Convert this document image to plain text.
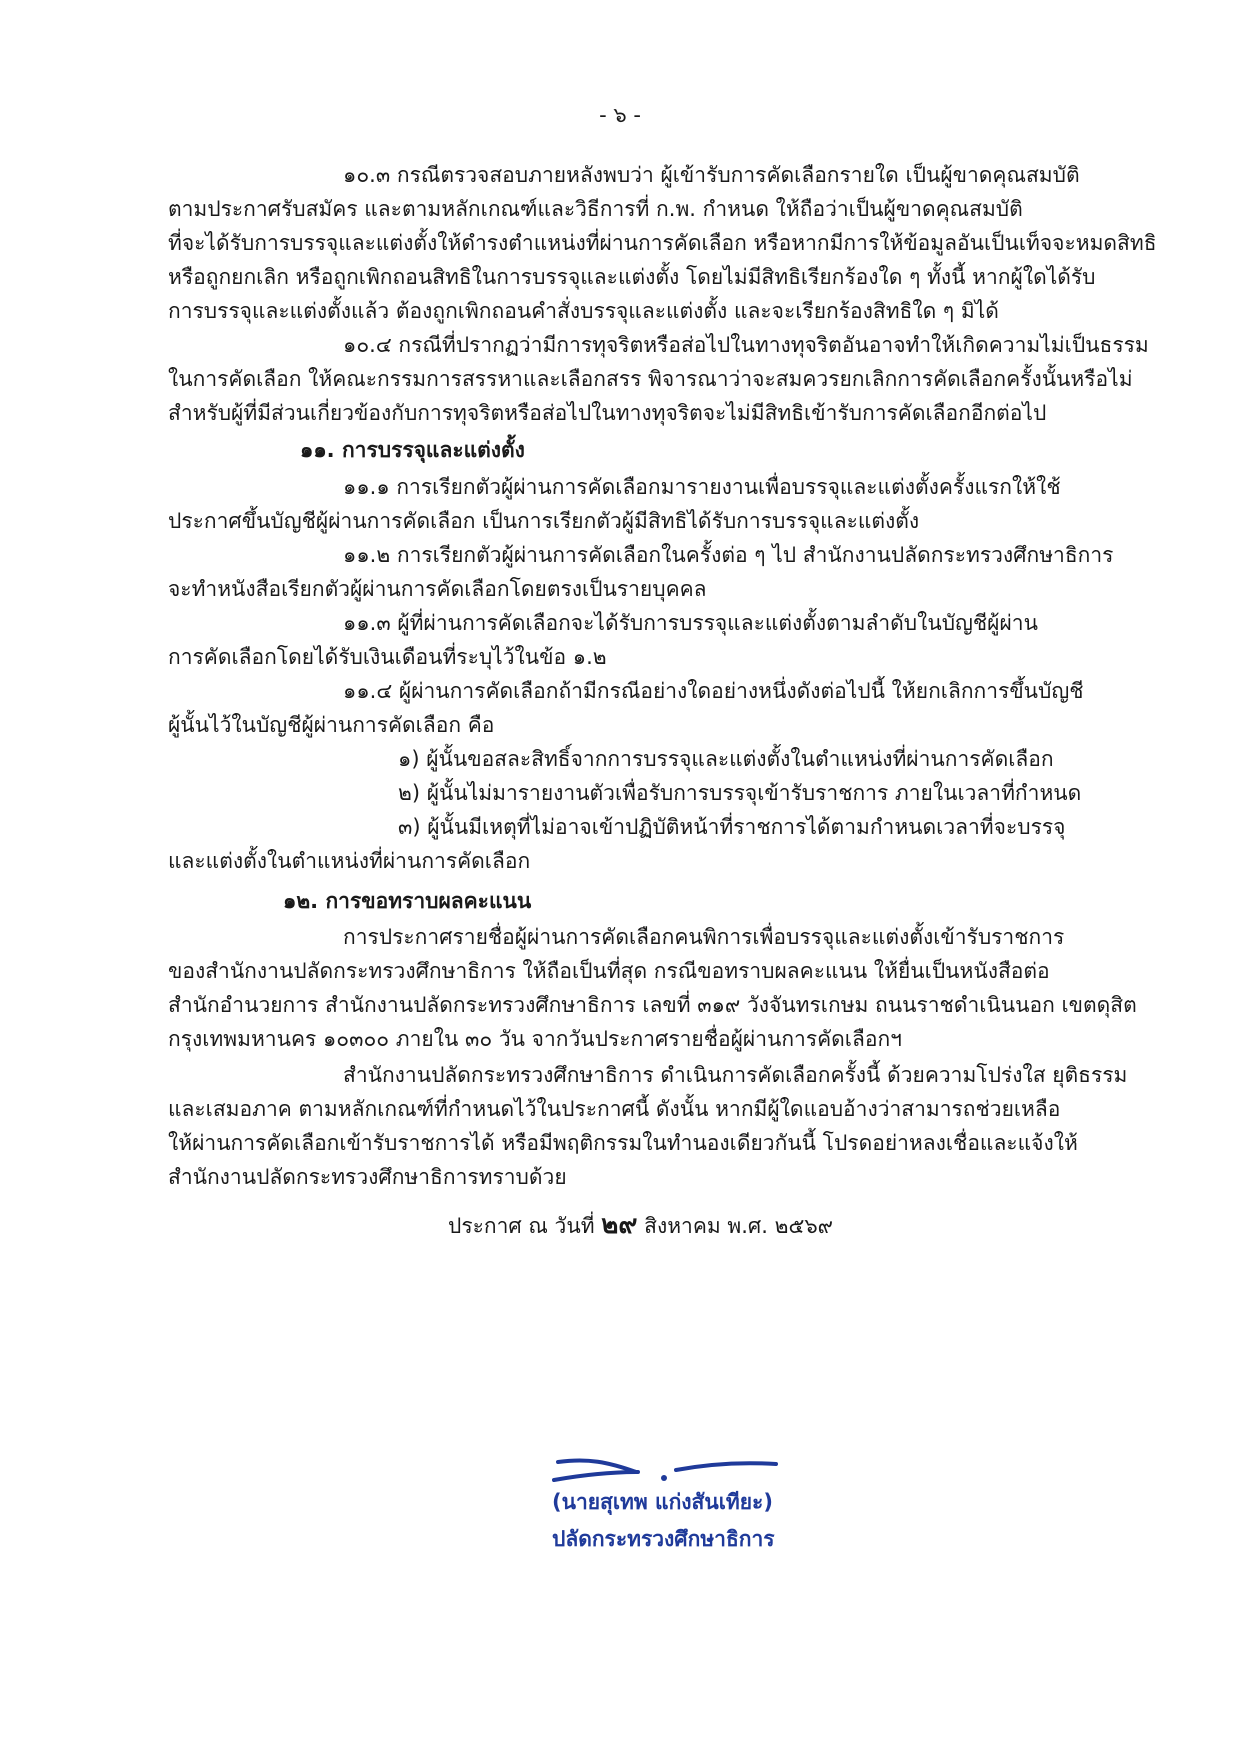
- ๖ -
๑๐.๓ กรณีตรวจสอบภายหลังพบว่า ผู้เข้ารับการคัดเลือกรายใด เป็นผู้ขาดคุณสมบัติ
ตามประกาศรับสมัคร และตามหลักเกณฑ์และวิธีการที่ ก.พ. กำหนด ให้ถือว่าเป็นผู้ขาดคุณสมบัติ
ที่จะได้รับการบรรจุและแต่งตั้งให้ดำรงตำแหน่งที่ผ่านการคัดเลือก หรือหากมีการให้ข้อมูลอันเป็นเท็จจะหมดสิทธิ
หรือถูกยกเลิก หรือถูกเพิกถอนสิทธิในการบรรจุและแต่งตั้ง โดยไม่มีสิทธิเรียกร้องใด ๆ ทั้งนี้ หากผู้ใดได้รับ
การบรรจุและแต่งตั้งแล้ว ต้องถูกเพิกถอนคำสั่งบรรจุและแต่งตั้ง และจะเรียกร้องสิทธิใด ๆ มิได้
๑๐.๔ กรณีที่ปรากฏว่ามีการทุจริตหรือส่อไปในทางทุจริตอันอาจทำให้เกิดความไม่เป็นธรรม
ในการคัดเลือก ให้คณะกรรมการสรรหาและเลือกสรร พิจารณาว่าจะสมควรยกเลิกการคัดเลือกครั้งนั้นหรือไม่
สำหรับผู้ที่มีส่วนเกี่ยวข้องกับการทุจริตหรือส่อไปในทางทุจริตจะไม่มีสิทธิเข้ารับการคัดเลือกอีกต่อไป
๑๑. การบรรจุและแต่งตั้ง
๑๑.๑ การเรียกตัวผู้ผ่านการคัดเลือกมารายงานเพื่อบรรจุและแต่งตั้งครั้งแรกให้ใช้
ประกาศขึ้นบัญชีผู้ผ่านการคัดเลือก เป็นการเรียกตัวผู้มีสิทธิได้รับการบรรจุและแต่งตั้ง
๑๑.๒ การเรียกตัวผู้ผ่านการคัดเลือกในครั้งต่อ ๆ ไป สำนักงานปลัดกระทรวงศึกษาธิการ
จะทำหนังสือเรียกตัวผู้ผ่านการคัดเลือกโดยตรงเป็นรายบุคคล
๑๑.๓ ผู้ที่ผ่านการคัดเลือกจะได้รับการบรรจุและแต่งตั้งตามลำดับในบัญชีผู้ผ่าน
การคัดเลือกโดยได้รับเงินเดือนที่ระบุไว้ในข้อ ๑.๒
๑๑.๔ ผู้ผ่านการคัดเลือกถ้ามีกรณีอย่างใดอย่างหนึ่งดังต่อไปนี้ ให้ยกเลิกการขึ้นบัญชี
ผู้นั้นไว้ในบัญชีผู้ผ่านการคัดเลือก คือ
๑) ผู้นั้นขอสละสิทธิ์จากการบรรจุและแต่งตั้งในตำแหน่งที่ผ่านการคัดเลือก
๒) ผู้นั้นไม่มารายงานตัวเพื่อรับการบรรจุเข้ารับราชการ ภายในเวลาที่กำหนด
๓) ผู้นั้นมีเหตุที่ไม่อาจเข้าปฏิบัติหน้าที่ราชการได้ตามกำหนดเวลาที่จะบรรจุ
และแต่งตั้งในตำแหน่งที่ผ่านการคัดเลือก
๑๒. การขอทราบผลคะแนน
การประกาศรายชื่อผู้ผ่านการคัดเลือกคนพิการเพื่อบรรจุและแต่งตั้งเข้ารับราชการ
ของสำนักงานปลัดกระทรวงศึกษาธิการ ให้ถือเป็นที่สุด กรณีขอทราบผลคะแนน ให้ยื่นเป็นหนังสือต่อ
สำนักอำนวยการ สำนักงานปลัดกระทรวงศึกษาธิการ เลขที่ ๓๑๙ วังจันทรเกษม ถนนราชดำเนินนอก เขตดุสิต
กรุงเทพมหานคร ๑๐๓๐๐ ภายใน ๓๐ วัน จากวันประกาศรายชื่อผู้ผ่านการคัดเลือกฯ
สำนักงานปลัดกระทรวงศึกษาธิการ ดำเนินการคัดเลือกครั้งนี้ ด้วยความโปร่งใส ยุติธรรม
และเสมอภาค ตามหลักเกณฑ์ที่กำหนดไว้ในประกาศนี้ ดังนั้น หากมีผู้ใดแอบอ้างว่าสามารถช่วยเหลือ
ให้ผ่านการคัดเลือกเข้ารับราชการได้ หรือมีพฤติกรรมในทำนองเดียวกันนี้ โปรดอย่าหลงเชื่อและแจ้งให้
สำนักงานปลัดกระทรวงศึกษาธิการทราบด้วย
ประกาศ ณ วันที่ ๒๙ สิงหาคม พ.ศ. ๒๕๖๙
(นายสุเทพ แก่งสันเทียะ)
ปลัดกระทรวงศึกษาธิการ
